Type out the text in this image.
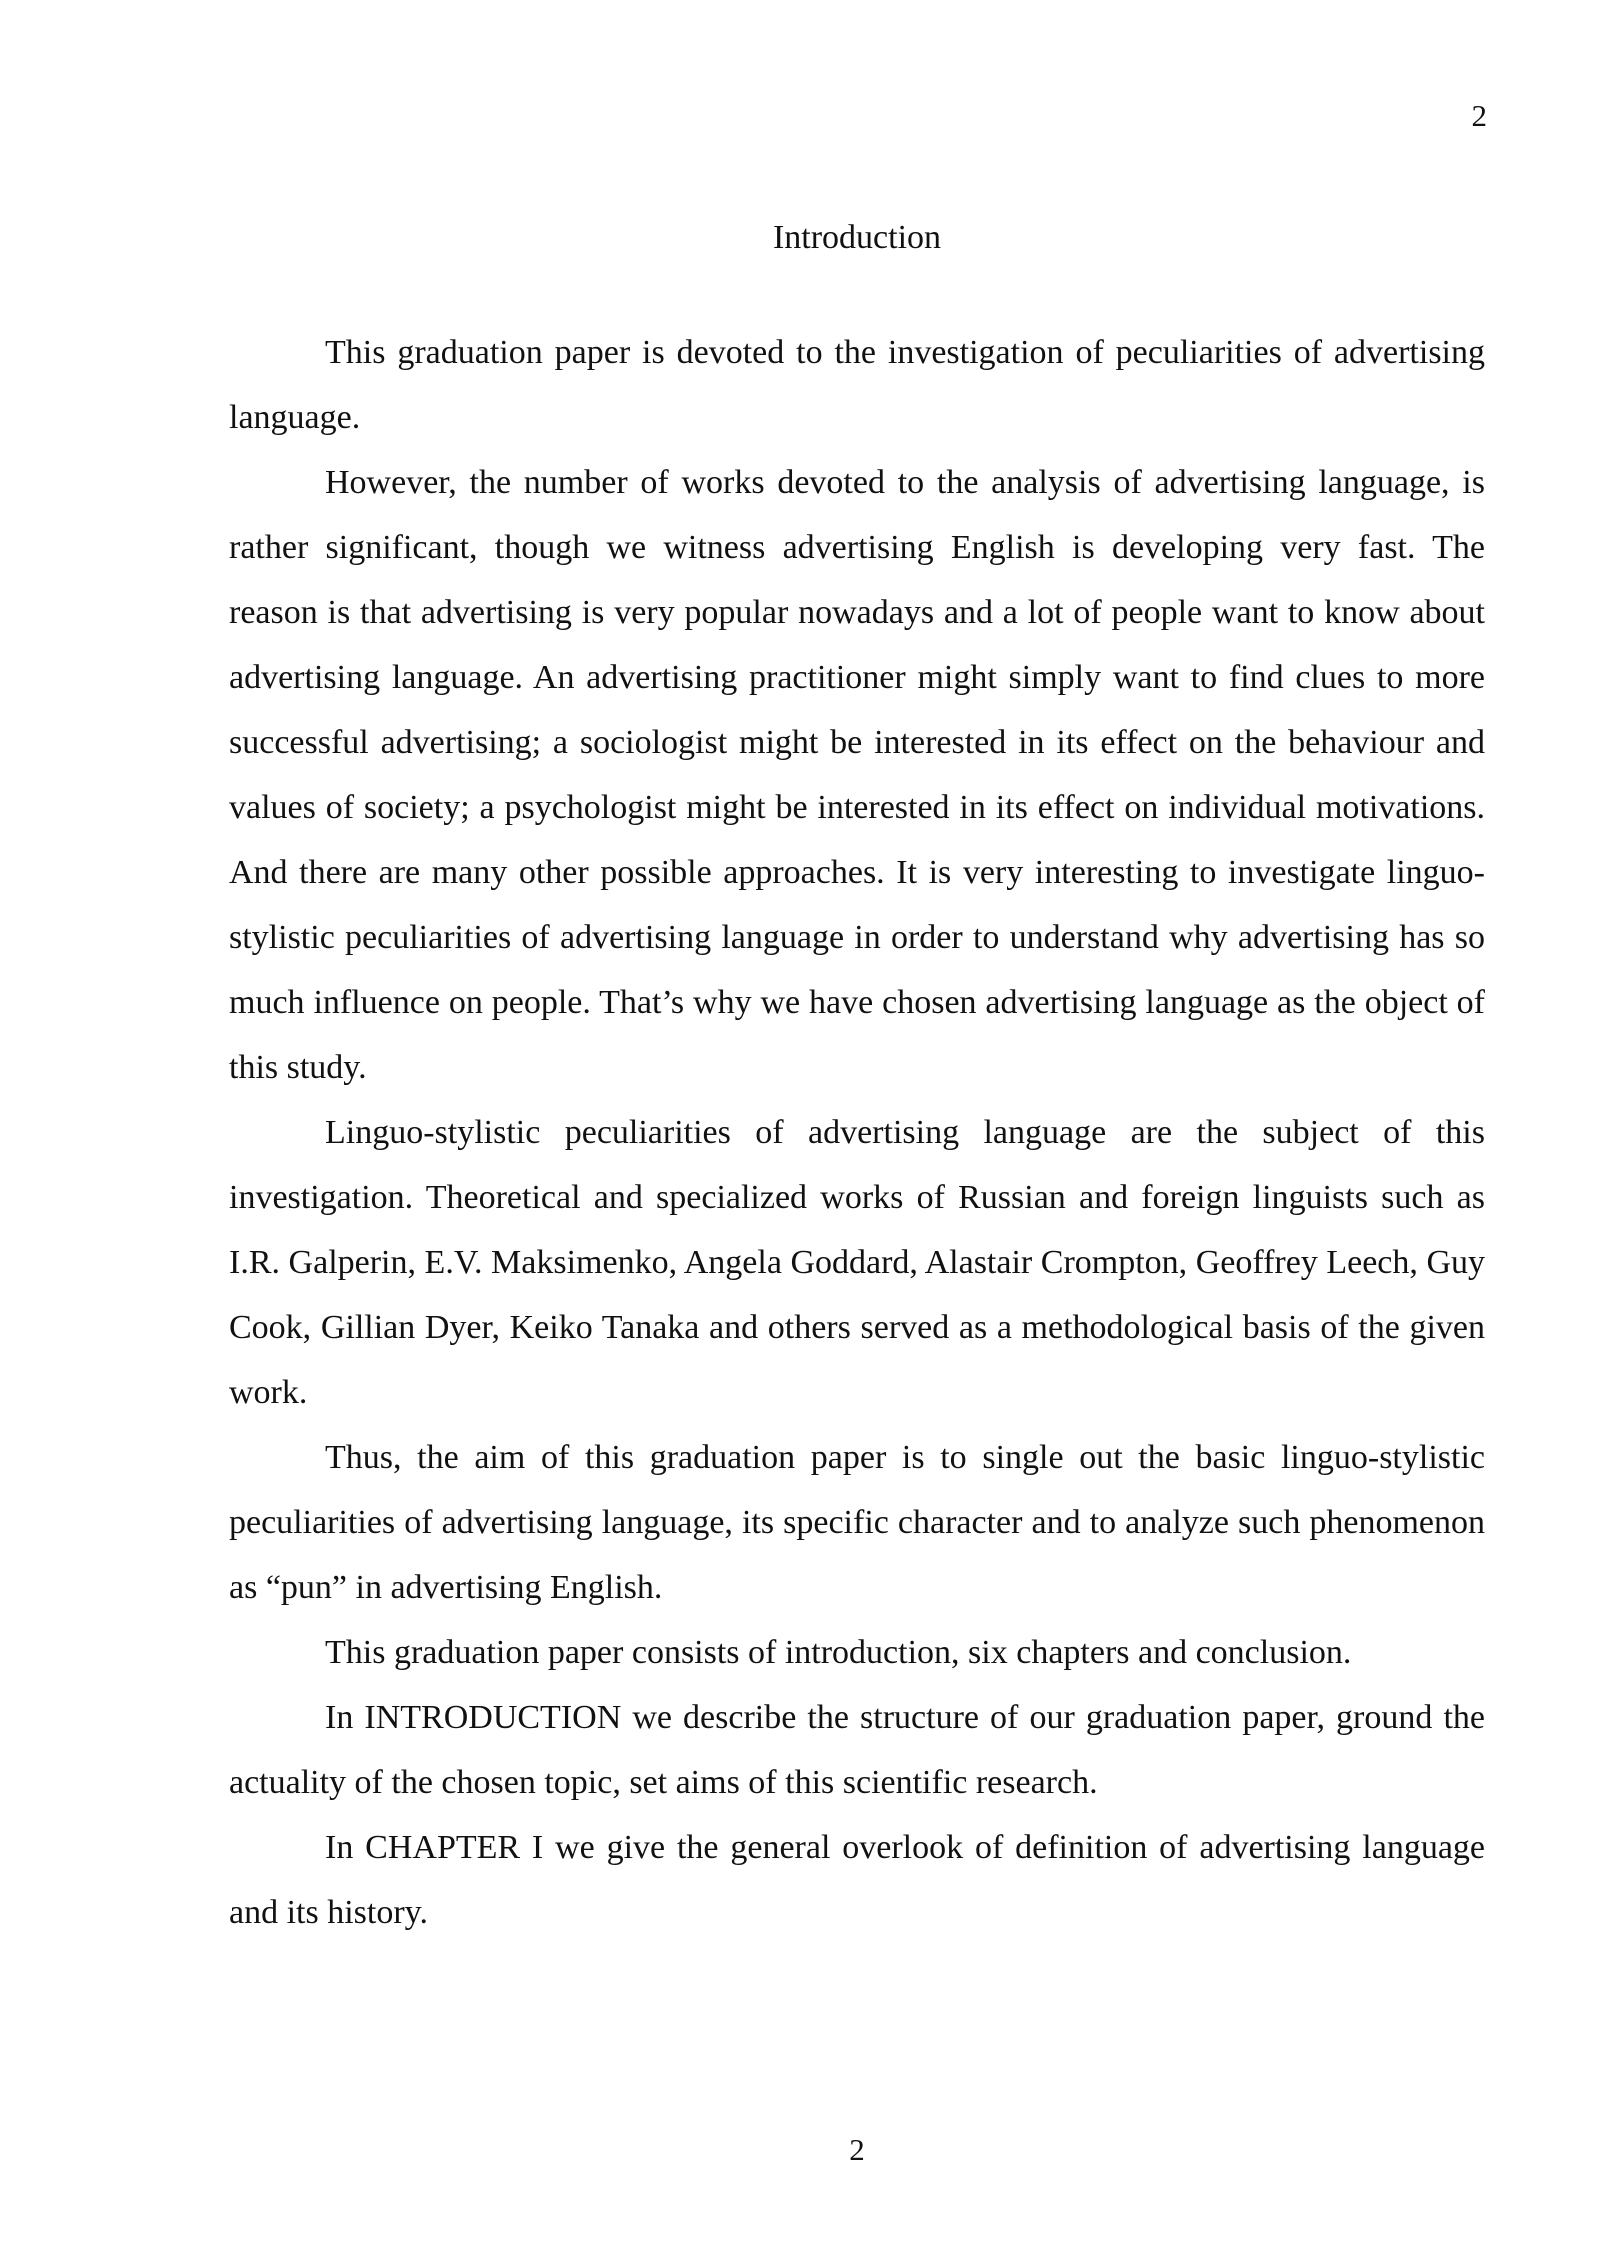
2

Introduction

This graduation paper is devoted to the investigation of peculiarities of advertising language.

However, the number of works devoted to the analysis of advertising language, is rather significant, though we witness advertising English is developing very fast. The reason is that advertising is very popular nowadays and a lot of people want to know about advertising language. An advertising practitioner might simply want to find clues to more successful advertising; a sociologist might be interested in its effect on the behaviour and values of society; a psychologist might be interested in its effect on individual motivations. And there are many other possible approaches. It is very interesting to investigate linguo-stylistic peculiarities of advertising language in order to understand why advertising has so much influence on people. That’s why we have chosen advertising language as the object of this study.

Linguo-stylistic peculiarities of advertising language are the subject of this investigation. Theoretical and specialized works of Russian and foreign linguists such as I.R. Galperin, E.V. Maksimenko, Angela Goddard, Alastair Crompton, Geoffrey Leech, Guy Cook, Gillian Dyer, Keiko Tanaka and others served as a methodological basis of the given work.

Thus, the aim of this graduation paper is to single out the basic linguo-stylistic peculiarities of advertising language, its specific character and to analyze such phenomenon as “pun” in advertising English.

This graduation paper consists of introduction, six chapters and conclusion.

In INTRODUCTION we describe the structure of our graduation paper, ground the actuality of the chosen topic, set aims of this scientific research.

In CHAPTER I we give the general overlook of definition of advertising language and its history.

2
